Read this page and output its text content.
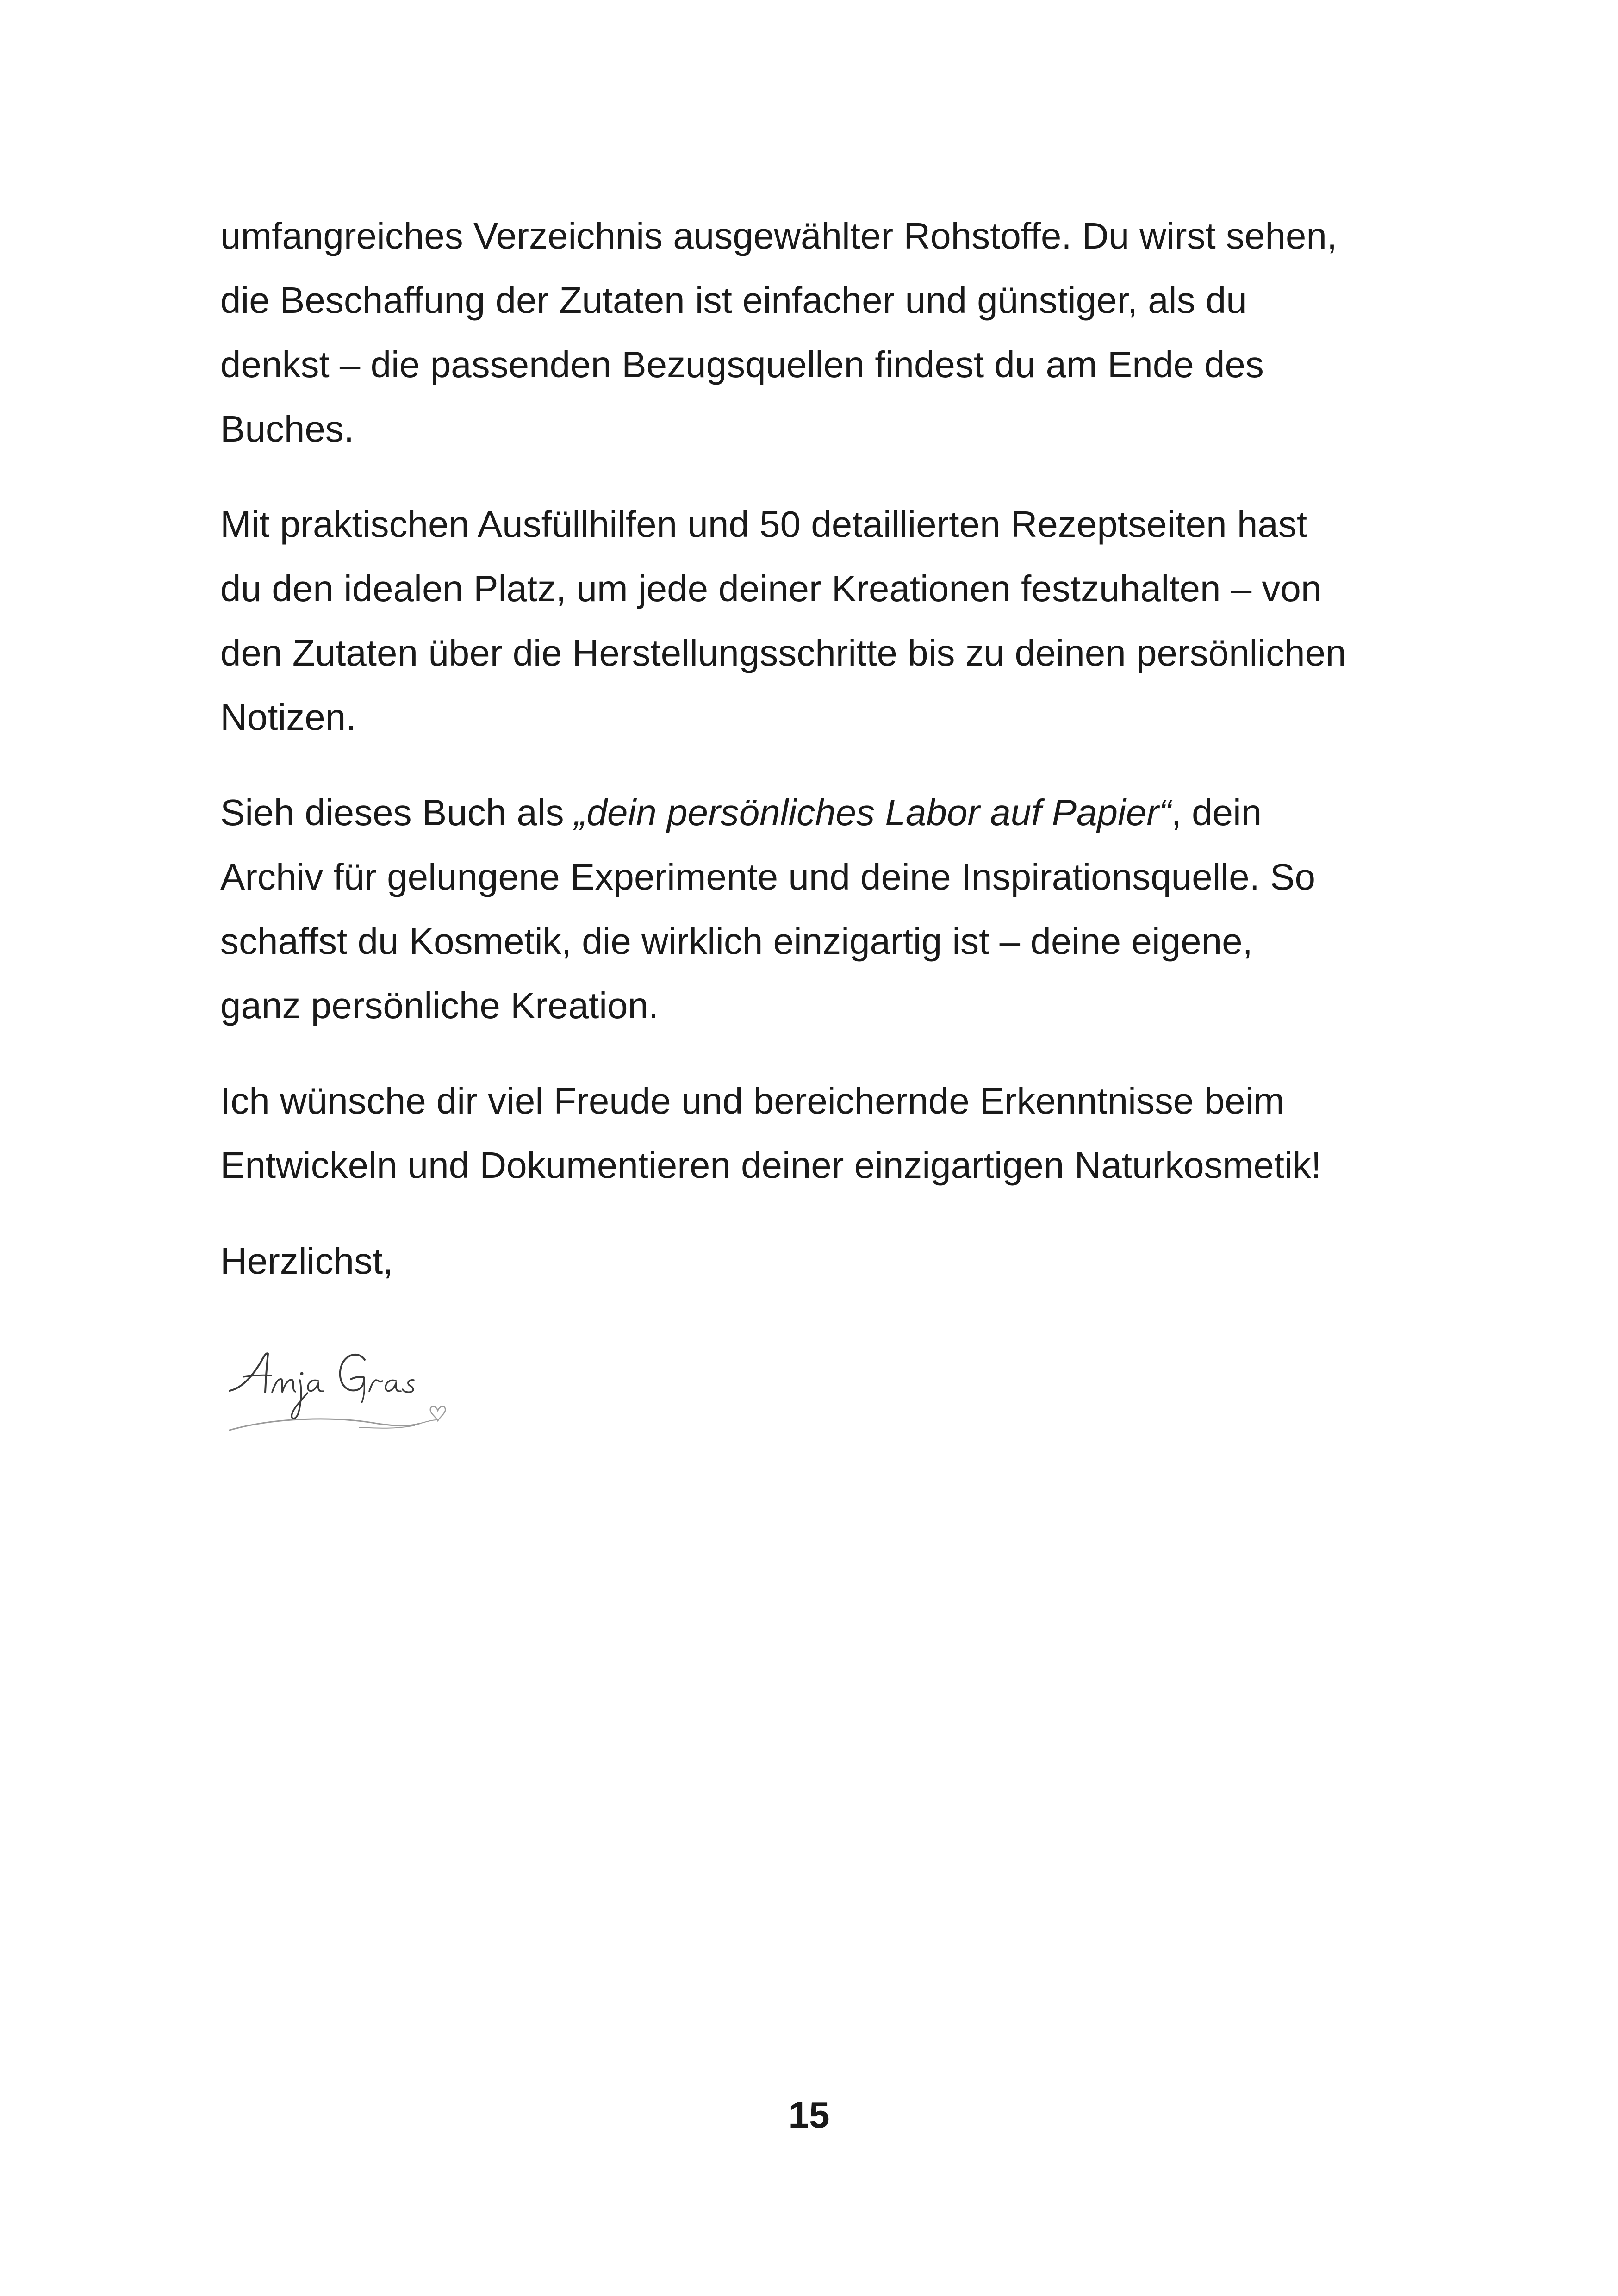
umfangreiches Verzeichnis ausgewählter Rohstoffe. Du wirst sehen,
die Beschaffung der Zutaten ist einfacher und günstiger, als du
denkst – die passenden Bezugsquellen findest du am Ende des
Buches.

Mit praktischen Ausfüllhilfen und 50 detaillierten Rezeptseiten hast
du den idealen Platz, um jede deiner Kreationen festzuhalten – von
den Zutaten über die Herstellungsschritte bis zu deinen persönlichen
Notizen.

Sieh dieses Buch als „dein persönliches Labor auf Papier“, dein
Archiv für gelungene Experimente und deine Inspirationsquelle. So
schaffst du Kosmetik, die wirklich einzigartig ist – deine eigene,
ganz persönliche Kreation.

Ich wünsche dir viel Freude und bereichernde Erkenntnisse beim
Entwickeln und Dokumentieren deiner einzigartigen Naturkosmetik!

Herzlichst,

15
